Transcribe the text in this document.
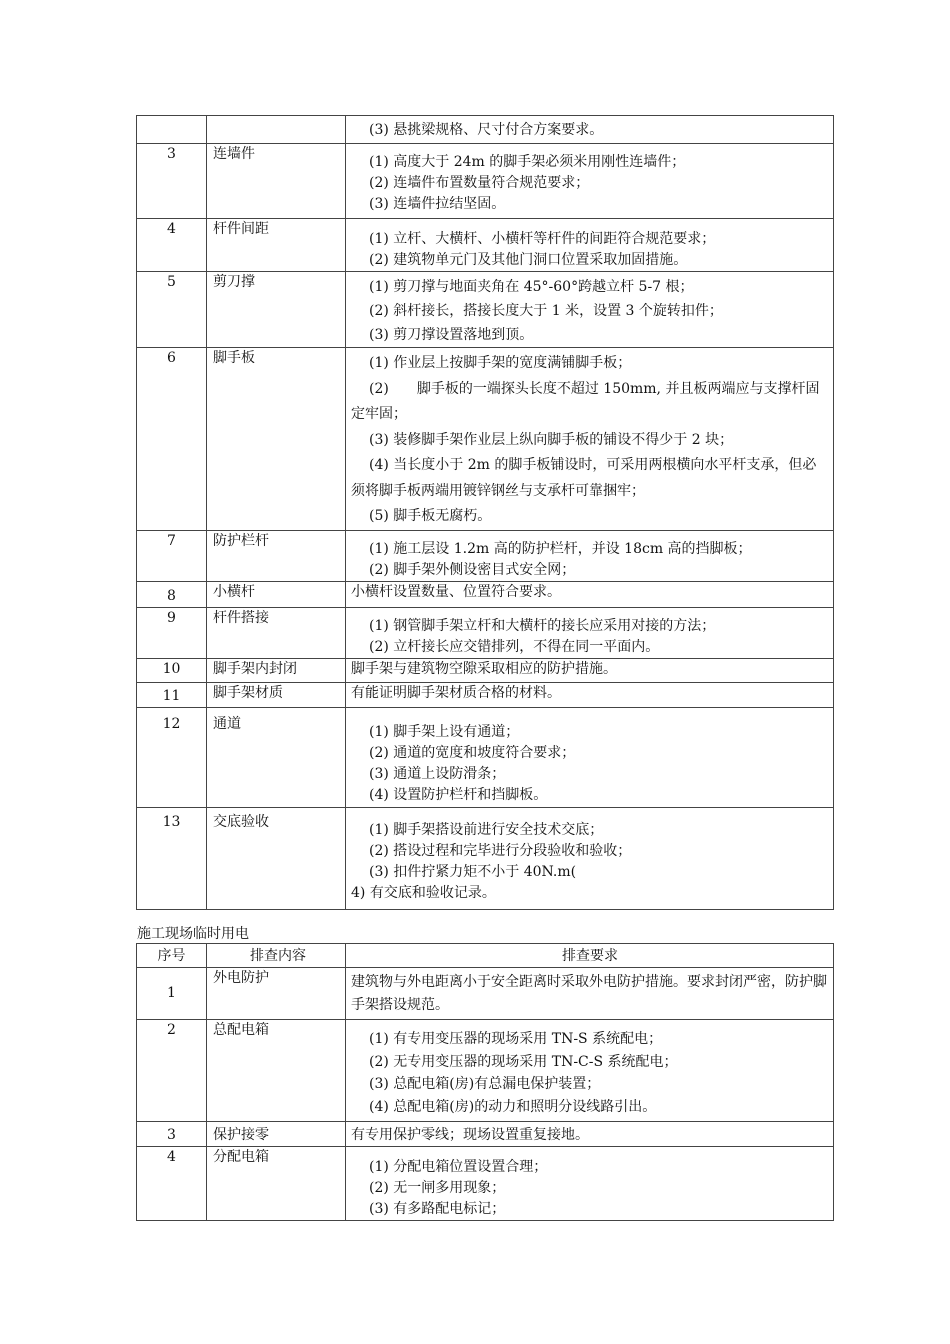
		(3) 悬挑梁规格、尺寸付合方案要求。

3	连墙件	(1) 高度大于 24m 的脚手架必须米用刚性连墙件；
(2) 连墙件布置数量符合规范要求；
(3) 连墙件拉结坚固。

4	杆件间距	(1) 立杆、大横杆、小横杆等杆件的间距符合规范要求；
(2) 建筑物单元门及其他门洞口位置采取加固措施。

5	剪刀撑	(1) 剪刀撑与地面夹角在 45°-60°跨越立杆 5-7 根；
(2) 斜杆接长，搭接长度大于 1 米，设置 3 个旋转扣件；
(3) 剪刀撑设置落地到顶。

6	脚手板	(1) 作业层上按脚手架的宽度满铺脚手板；
(2)　　脚手板的一端探头长度不超过 150mm, 并且板两端应与支撑杆固定牢固；
(3) 装修脚手架作业层上纵向脚手板的铺设不得少于 2 块；
(4) 当长度小于 2m 的脚手板铺设时，可采用两根横向水平杆支承，但必须将脚手板两端用镀锌钢丝与支承杆可靠捆牢；
(5) 脚手板无腐朽。

7	防护栏杆	(1) 施工层设 1.2m 高的防护栏杆，并设 18cm 高的挡脚板；
(2) 脚手架外侧设密目式安全网；

8	小横杆	小横杆设置数量、位置符合要求。

9	杆件搭接	(1) 钢管脚手架立杆和大横杆的接长应采用对接的方法；
(2) 立杆接长应交错排列，不得在同一平面内。

10	脚手架内封闭	脚手架与建筑物空隙采取相应的防护措施。

11	脚手架材质	有能证明脚手架材质合格的材料。

12	通道	(1) 脚手架上设有通道；
(2) 通道的宽度和坡度符合要求；
(3) 通道上设防滑条；
(4) 设置防护栏杆和挡脚板。

13	交底验收	(1) 脚手架搭设前进行安全技术交底；
(2) 搭设过程和完毕进行分段验收和验收；
(3) 扣件拧紧力矩不小于 40N.m(
4) 有交底和验收记录。
施工现场临时用电
序号	排查内容	排查要求
1	外电防护	建筑物与外电距离小于安全距离时采取外电防护措施。要求封闭严密，防护脚手架搭设规范。

2	总配电箱	(1) 有专用变压器的现场采用 TN-S 系统配电；
(2) 无专用变压器的现场采用 TN-C-S 系统配电；
(3) 总配电箱(房)有总漏电保护装置；
(4) 总配电箱(房)的动力和照明分设线路引出。

3	保护接零	有专用保护零线；现场设置重复接地。

4	分配电箱	(1) 分配电箱位置设置合理；
(2) 无一闸多用现象；
(3) 有多路配电标记；
